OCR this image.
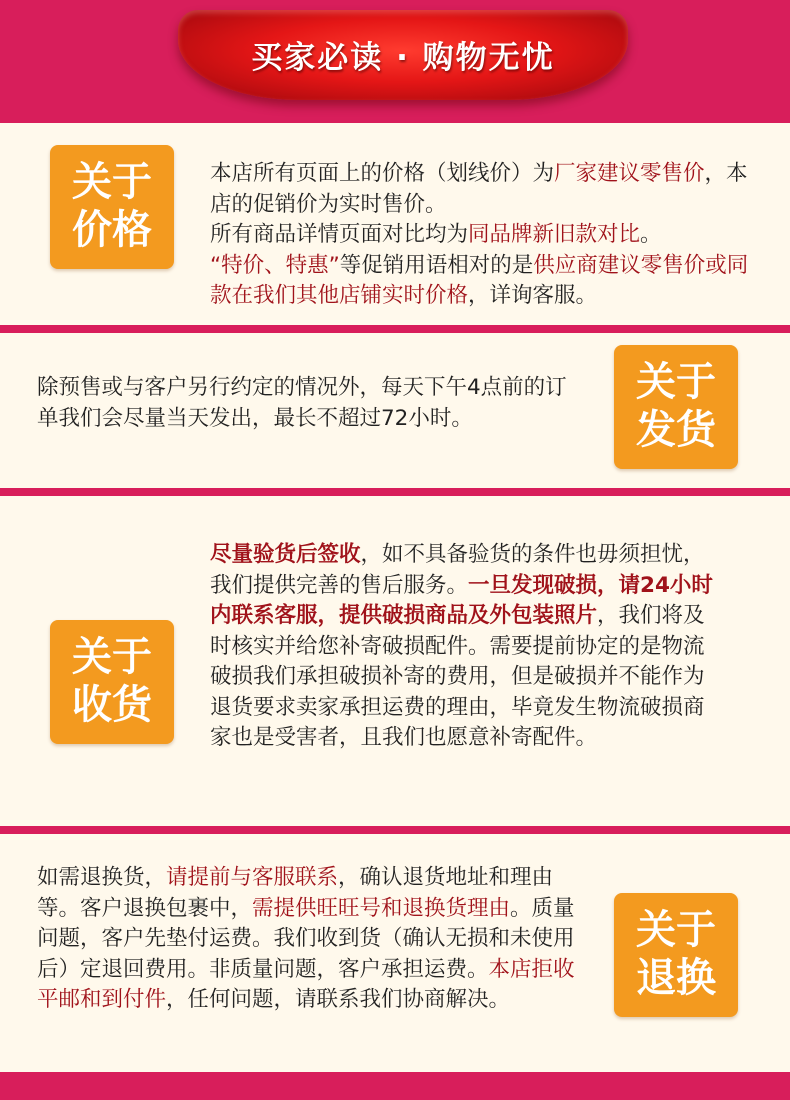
买家必读 · 购物无忧
关于
价格
本店所有页面上的价格（划线价）为厂家建议零售价，本店的促销价为实时售价。
所有商品详情页面对比均为同品牌新旧款对比。
“特价、特惠”等促销用语相对的是供应商建议零售价或同款在我们其他店铺实时价格，详询客服。
除预售或与客户另行约定的情况外，每天下午4点前的订单我们会尽量当天发出，最长不超过72小时。
关于
发货
关于
收货
尽量验货后签收，如不具备验货的条件也毋须担忧，我们提供完善的售后服务。一旦发现破损，请24小时内联系客服，提供破损商品及外包装照片，我们将及时核实并给您补寄破损配件。需要提前协定的是物流破损我们承担破损补寄的费用，但是破损并不能作为退货要求卖家承担运费的理由，毕竟发生物流破损商家也是受害者，且我们也愿意补寄配件。
如需退换货，请提前与客服联系，确认退货地址和理由等。客户退换包裹中，需提供旺旺号和退换货理由。质量问题，客户先垫付运费。我们收到货（确认无损和未使用后）定退回费用。非质量问题，客户承担运费。本店拒收平邮和到付件，任何问题，请联系我们协商解决。
关于
退换
